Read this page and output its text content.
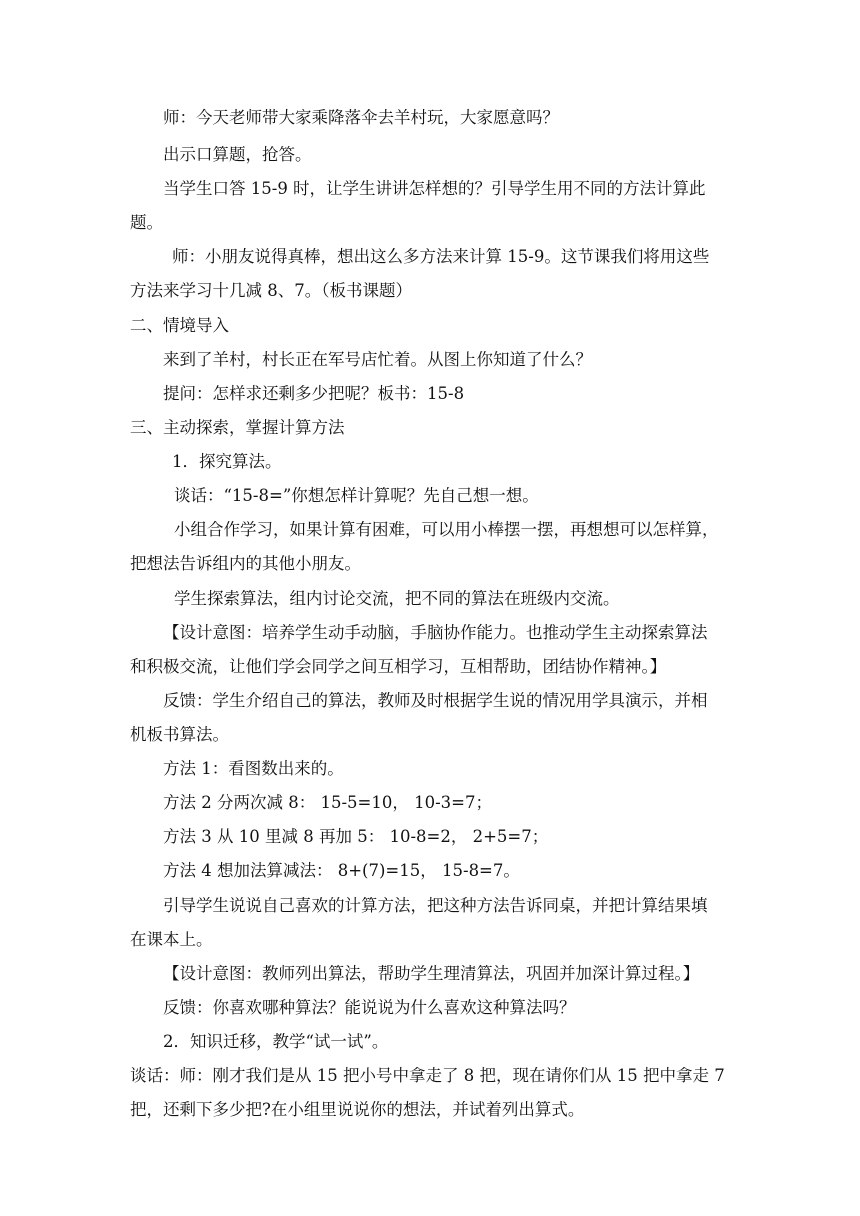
师：今天老师带大家乘降落伞去羊村玩，大家愿意吗？
出示口算题，抢答。
当学生口答 15-9 时，让学生讲讲怎样想的？引导学生用不同的方法计算此
题。
师：小朋友说得真棒，想出这么多方法来计算 15-9。这节课我们将用这些
方法来学习十几减 8、7。（板书课题）
二、情境导入
来到了羊村，村长正在军号店忙着。从图上你知道了什么？
提问：怎样求还剩多少把呢？板书：15-8
三、主动探索，掌握计算方法
1．探究算法。
谈话：“15-8=”你想怎样计算呢？先自己想一想。
小组合作学习，如果计算有困难，可以用小棒摆一摆，再想想可以怎样算，
把想法告诉组内的其他小朋友。
学生探索算法，组内讨论交流，把不同的算法在班级内交流。
【设计意图：培养学生动手动脑，手脑协作能力。也推动学生主动探索算法
和积极交流，让他们学会同学之间互相学习，互相帮助，团结协作精神。】
反馈：学生介绍自己的算法，教师及时根据学生说的情况用学具演示，并相
机板书算法。
方法 1：看图数出来的。
方法 2 分两次减 8： 15-5=10， 10-3=7；
方法 3 从 10 里减 8 再加 5： 10-8=2， 2+5=7；
方法 4 想加法算减法： 8+(7)=15， 15-8=7。
引导学生说说自己喜欢的计算方法，把这种方法告诉同桌，并把计算结果填
在课本上。
【设计意图：教师列出算法，帮助学生理清算法，巩固并加深计算过程。】
反馈：你喜欢哪种算法？能说说为什么喜欢这种算法吗？
2．知识迁移，教学“试一试”。
谈话：师：刚才我们是从 15 把小号中拿走了 8 把，现在请你们从 15 把中拿走 7
把，还剩下多少把?在小组里说说你的想法，并试着列出算式。
